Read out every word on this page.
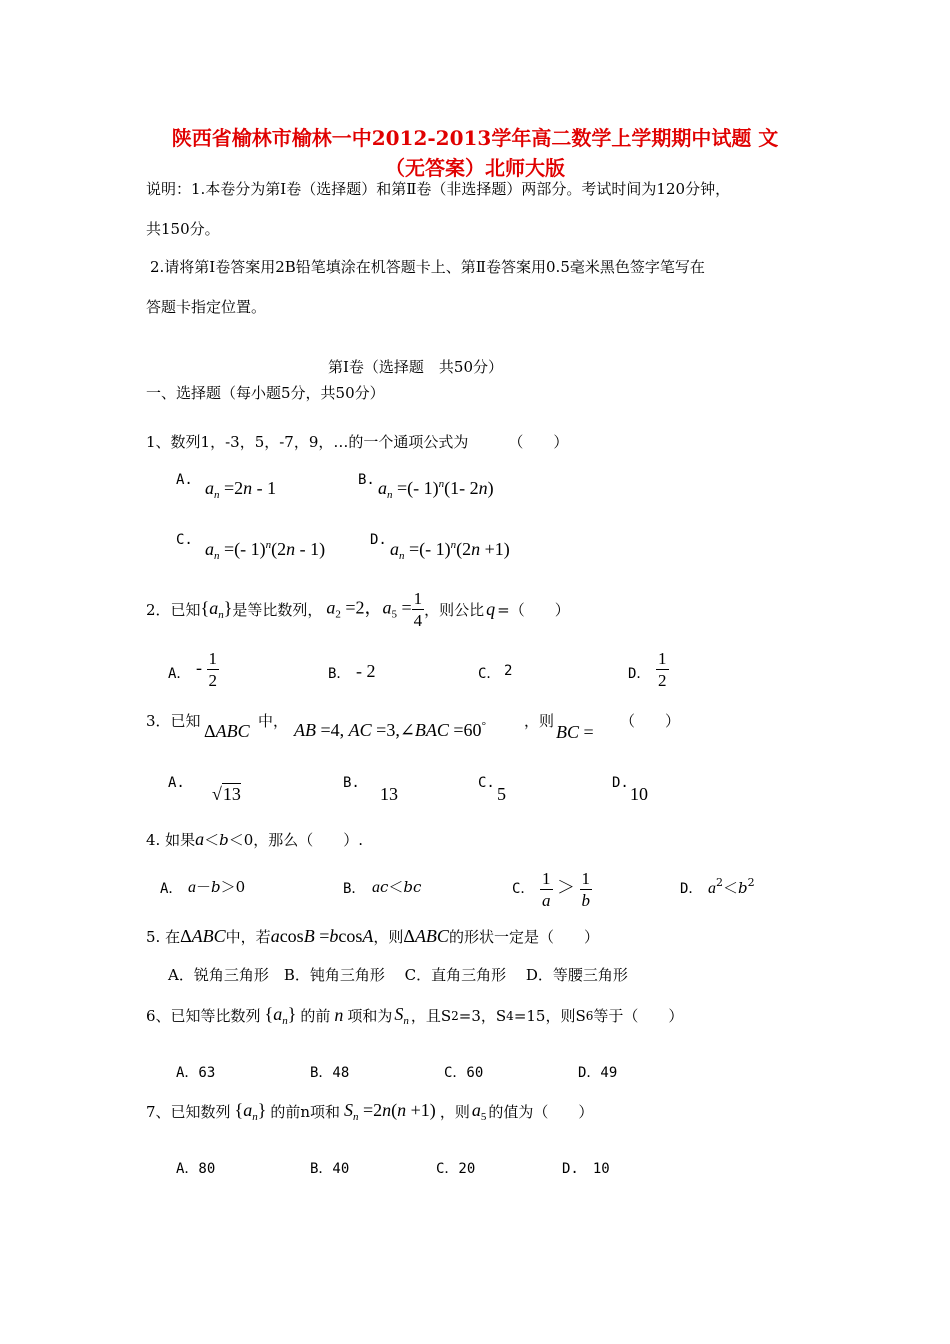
陕西省榆林市榆林一中2012-2013学年高二数学上学期期中试题 文
（无答案）北师大版
说明：1.本卷分为第Ⅰ卷（选择题）和第Ⅱ卷（非选择题）两部分。考试时间为120分钟，
共150分。
2.请将第Ⅰ卷答案用2B铅笔填涂在机答题卡上、第Ⅱ卷答案用0.5毫米黑色签字笔写在
答题卡指定位置。
第Ⅰ卷（选择题　共50分）
一、选择题（每小题5分，共50分）
1、数列1，-3，5，-7，9，…的一个通项公式为	（　　）
A. $a_n =2n - 1$	B. $a_n$ =(- 1)$^n$(1- 2n)
C. $a_n$ =(- 1)$^n$(2n - 1)	D. $a_n$ =(- 1)$^n$(2n +1)
2．已知 $\{a_n\}$ 是等比数列， $a_2 =2$，$a_5 = \frac{1}{4}$ ，则公比 q =（　　）
A． - $\frac{1}{2}$	B． - 2	C． 2	D． $\frac{1}{2}$
3．已知 ΔABC 中， AB =4, AC =3,∠BAC =60°	，则
BC =
（　　）
A.
√13
B.
13
C.
5
D.
10
4. 如果a＜b＜0，那么（　　）.
A． a－b＞0	B． ac＜bc	C． $\frac{1}{a} > \frac{1}{b}$	D． $a^2<b^2$
5. 在 ΔABC 中，若 acosB =bcosA ，则 ΔABC 的形状一定是（　　）
A．锐角三角形　B．钝角三角形　 C．直角三角形　 D．等腰三角形
6、已知等比数列 $\{a_n\}$ 的前 n 项和为 $S_n$ ，且S 2 =3，S 4 =15，则S 6 等于（　　）
A．63	B．48	C．60	D．49
7、已知数列 $\{a_n\}$ 的前n项和 $S_n =2n(n +1)$ ，则 $a_5$ 的值为（　　）
A．80	B．40	C．20	D.　10
